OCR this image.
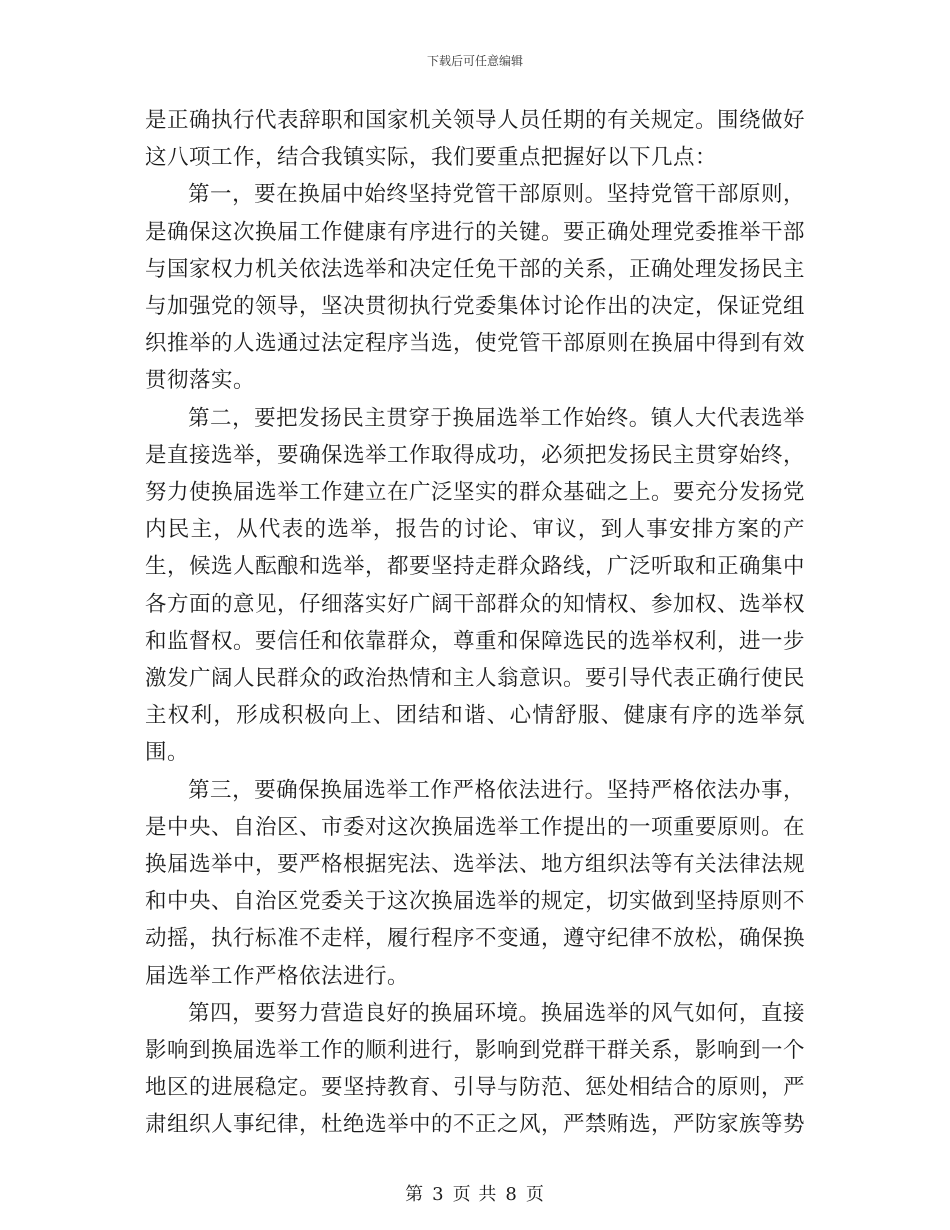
下载后可任意编辑

是正确执行代表辞职和国家机关领导人员任期的有关规定。围绕做好这八项工作，结合我镇实际，我们要重点把握好以下几点：

第一，要在换届中始终坚持党管干部原则。坚持党管干部原则，是确保这次换届工作健康有序进行的关键。要正确处理党委推举干部与国家权力机关依法选举和决定任免干部的关系，正确处理发扬民主与加强党的领导，坚决贯彻执行党委集体讨论作出的决定，保证党组织推举的人选通过法定程序当选，使党管干部原则在换届中得到有效贯彻落实。

第二，要把发扬民主贯穿于换届选举工作始终。镇人大代表选举是直接选举，要确保选举工作取得成功，必须把发扬民主贯穿始终，努力使换届选举工作建立在广泛坚实的群众基础之上。要充分发扬党内民主，从代表的选举，报告的讨论、审议，到人事安排方案的产生，候选人酝酿和选举，都要坚持走群众路线，广泛听取和正确集中各方面的意见，仔细落实好广阔干部群众的知情权、参加权、选举权和监督权。要信任和依靠群众，尊重和保障选民的选举权利，进一步激发广阔人民群众的政治热情和主人翁意识。要引导代表正确行使民主权利，形成积极向上、团结和谐、心情舒服、健康有序的选举氛围。

第三，要确保换届选举工作严格依法进行。坚持严格依法办事，是中央、自治区、市委对这次换届选举工作提出的一项重要原则。在换届选举中，要严格根据宪法、选举法、地方组织法等有关法律法规和中央、自治区党委关于这次换届选举的规定，切实做到坚持原则不动摇，执行标准不走样，履行程序不变通，遵守纪律不放松，确保换届选举工作严格依法进行。

第四，要努力营造良好的换届环境。换届选举的风气如何，直接影响到换届选举工作的顺利进行，影响到党群干群关系，影响到一个地区的进展稳定。要坚持教育、引导与防范、惩处相结合的原则，严肃组织人事纪律，杜绝选举中的不正之风，严禁贿选，严防家族等势

第 3 页 共 8 页
